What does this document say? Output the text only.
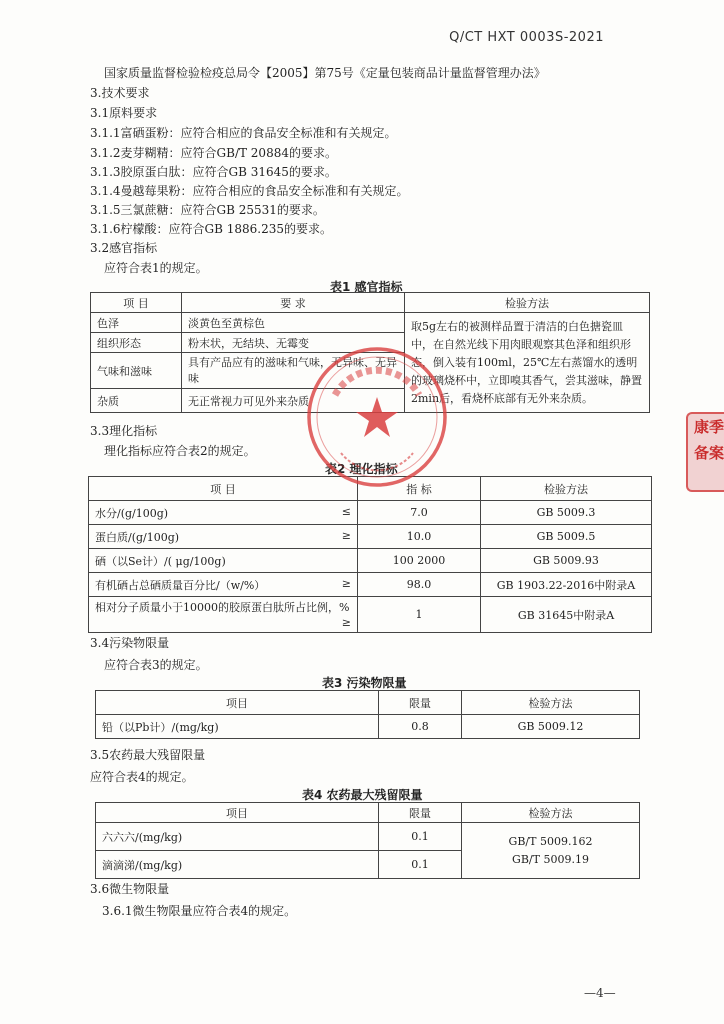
Q/CT HXT 0003S-2021
国家质量监督检验检疫总局令【2005】第75号《定量包装商品计量监督管理办法》
3.技术要求
3.1原料要求
3.1.1富硒蛋粉：应符合相应的食品安全标准和有关规定。
3.1.2麦芽糊精：应符合GB/T 20884的要求。
3.1.3胶原蛋白肽：应符合GB 31645的要求。
3.1.4曼越莓果粉：应符合相应的食品安全标准和有关规定。
3.1.5三氯蔗糖：应符合GB 25531的要求。
3.1.6柠檬酸：应符合GB 1886.235的要求。
3.2感官指标
应符合表1的规定。
表1 感官指标
项 目	要 求	检验方法
色泽	淡黄色至黄棕色	取5g左右的被测样品置于清洁的白色搪瓷皿中，在自然光线下用肉眼观察其色泽和组织形态，倒入装有100ml，25℃左右蒸馏水的透明的玻璃烧杯中，立即嗅其香气，尝其滋味，静置2min后，看烧杯底部有无外来杂质。
组织形态	粉末状，无结块、无霉变	
气味和滋味	具有产品应有的滋味和气味，无异味、无异味	
杂质	无正常视力可见外来杂质	
3.3理化指标
理化指标应符合表2的规定。
表2 理化指标
项 目	指 标	检验方法
水分/(g/100g) ≤	7.0	GB 5009.3
蛋白质/(g/100g) ≥	10.0	GB 5009.5
硒（以Se计）/( μg/100g)	100 2000	GB 5009.93
有机硒占总硒质量百分比/（w/%） ≥	98.0	GB 1903.22-2016中附录A
相对分子质量小于10000的胶原蛋白肽所占比例，%
≥	1	GB 31645中附录A
3.4污染物限量
应符合表3的规定。
表3 污染物限量
项目	限量	检验方法
铅（以Pb计）/(mg/kg)	0.8	GB 5009.12
3.5农药最大残留限量
应符合表4的规定。
表4 农药最大残留限量
项目	限量	检验方法
六六六/(mg/kg)	0.1	GB/T 5009.162
GB/T 5009.19

滴滴涕/(mg/kg)	0.1	
3.6微生物限量
3.6.1微生物限量应符合表4的规定。
—4—
康季
备案
